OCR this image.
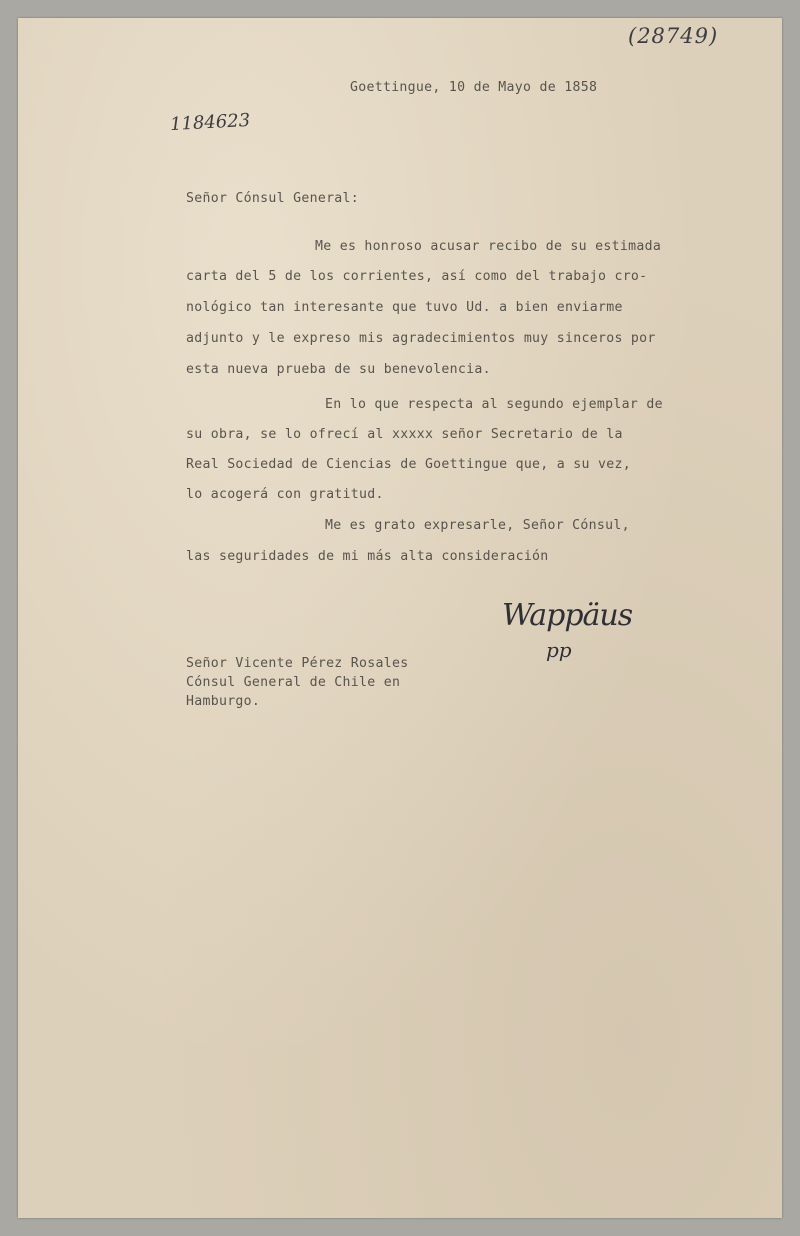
(28749)
1184623
Goettingue, 10 de Mayo de 1858
Señor Cónsul General:
Me es honroso acusar recibo de su estimada
carta del 5 de los corrientes, así como del trabajo cro-
nológico tan interesante que tuvo Ud. a bien enviarme
adjunto y le expreso mis agradecimientos muy sinceros por
esta nueva prueba de su benevolencia.
En lo que respecta al segundo ejemplar de
su obra, se lo ofrecí al xxxxx señor Secretario de la
Real Sociedad de Ciencias de Goettingue que, a su vez,
lo acogerá con gratitud.
Me es grato expresarle, Señor Cónsul,
las seguridades de mi más alta consideración

Wappäus

pp

Señor Vicente Pérez Rosales
Cónsul General de Chile en
Hamburgo.
